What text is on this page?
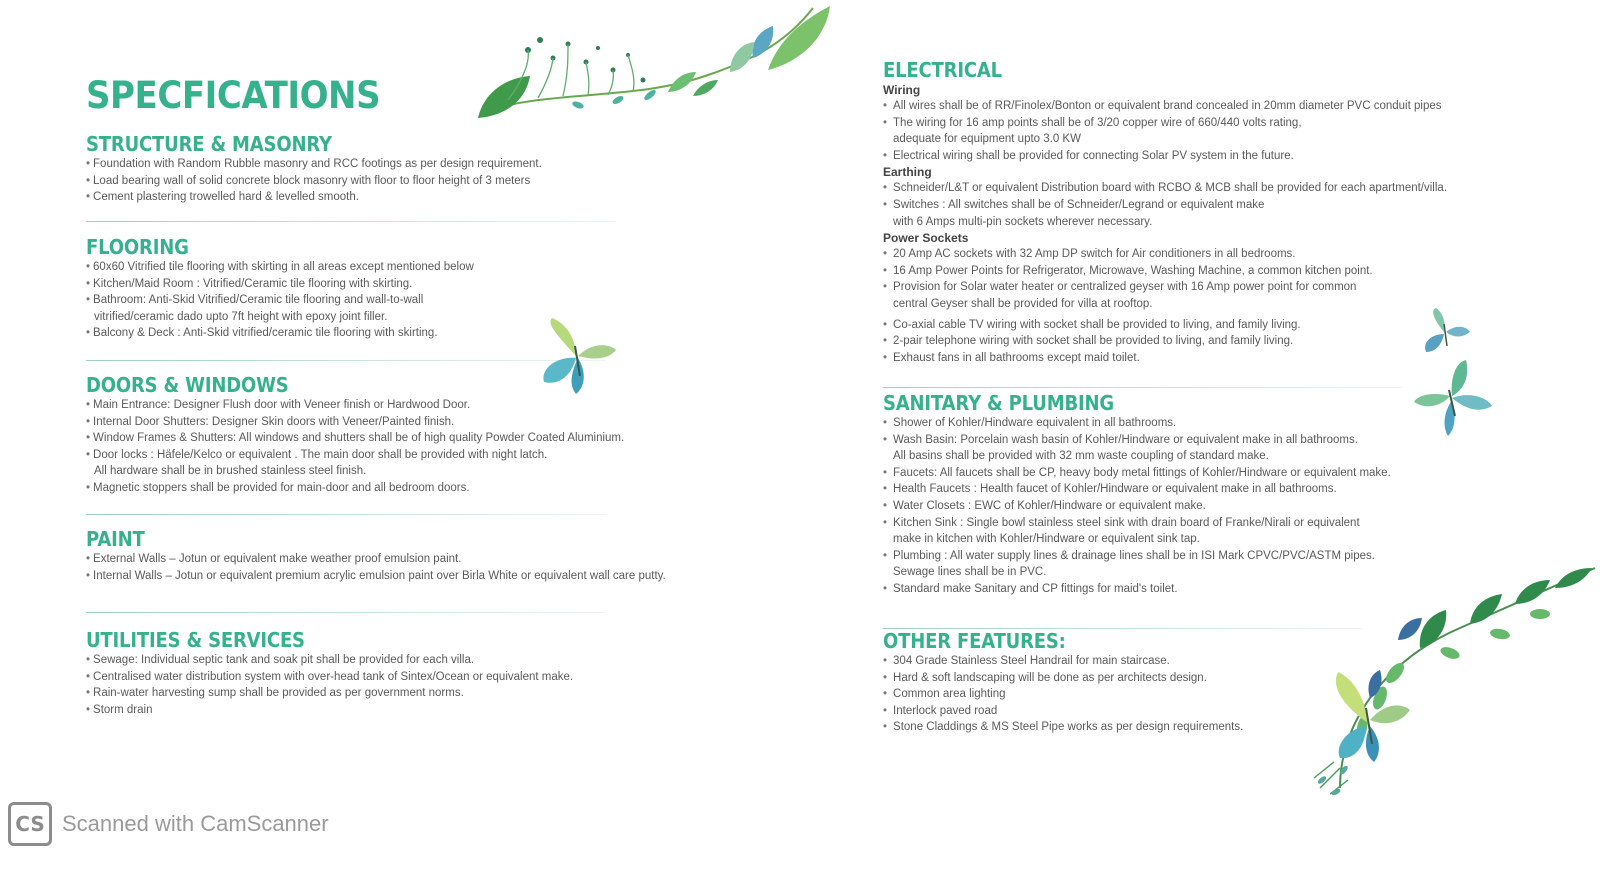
SPECFICATIONS
STRUCTURE & MASONRY
• Foundation with Random Rubble masonry and RCC footings as per design requirement.
• Load bearing wall of solid concrete block masonry with floor to floor height of 3 meters
• Cement plastering trowelled hard & levelled smooth.
FLOORING
• 60x60 Vitrified tile flooring with skirting in all areas except mentioned below
• Kitchen/Maid Room : Vitrified/Ceramic tile flooring with skirting.
• Bathroom: Anti-Skid Vitrified/Ceramic tile flooring and wall-to-wall
vitrified/ceramic dado upto 7ft height with epoxy joint filler.
• Balcony & Deck : Anti-Skid vitrified/ceramic tile flooring with skirting.
DOORS & WINDOWS
• Main Entrance: Designer Flush door with Veneer finish or Hardwood Door.
• Internal Door Shutters: Designer Skin doors with Veneer/Painted finish.
• Window Frames & Shutters: All windows and shutters shall be of high quality Powder Coated Aluminium.
• Door locks : Häfele/Kelco or equivalent . The main door shall be provided with night latch.
All hardware shall be in brushed stainless steel finish.
• Magnetic stoppers shall be provided for main-door and all bedroom doors.
PAINT
• External Walls – Jotun or equivalent make weather proof emulsion paint.
• Internal Walls – Jotun or equivalent premium acrylic emulsion paint over Birla White or equivalent wall care putty.
UTILITIES & SERVICES
• Sewage: Individual septic tank and soak pit shall be provided for each villa.
• Centralised water distribution system with over-head tank of Sintex/Ocean or equivalent make.
• Rain-water harvesting sump shall be provided as per government norms.
• Storm drain
ELECTRICAL
Wiring
• All wires shall be of RR/Finolex/Bonton or equivalent brand concealed in 20mm diameter PVC conduit pipes
• The wiring for 16 amp points shall be of 3/20 copper wire of 660/440 volts rating,
adequate for equipment upto 3.0 KW
• Electrical wiring shall be provided for connecting Solar PV system in the future.
Earthing
• Schneider/L&T or equivalent Distribution board with RCBO & MCB shall be provided for each apartment/villa.
• Switches : All switches shall be of Schneider/Legrand or equivalent make
with 6 Amps multi-pin sockets wherever necessary.
Power Sockets
• 20 Amp AC sockets with 32 Amp DP switch for Air conditioners in all bedrooms.
• 16 Amp Power Points for Refrigerator, Microwave, Washing Machine, a common kitchen point.
• Provision for Solar water heater or centralized geyser with 16 Amp power point for common
central Geyser shall be provided for villa at rooftop.
• Co-axial cable TV wiring with socket shall be provided to living, and family living.
• 2-pair telephone wiring with socket shall be provided to living, and family living.
• Exhaust fans in all bathrooms except maid toilet.
SANITARY & PLUMBING
• Shower of Kohler/Hindware equivalent in all bathrooms.
• Wash Basin: Porcelain wash basin of Kohler/Hindware or equivalent make in all bathrooms.
All basins shall be provided with 32 mm waste coupling of standard make.
• Faucets: All faucets shall be CP, heavy body metal fittings of Kohler/Hindware or equivalent make.
• Health Faucets : Health faucet of Kohler/Hindware or equivalent make in all bathrooms.
• Water Closets : EWC of Kohler/Hindware or equivalent make.
• Kitchen Sink : Single bowl stainless steel sink with drain board of Franke/Nirali or equivalent
make in kitchen with Kohler/Hindware or equivalent sink tap.
• Plumbing : All water supply lines & drainage lines shall be in ISI Mark CPVC/PVC/ASTM pipes.
Sewage lines shall be in PVC.
• Standard make Sanitary and CP fittings for maid's toilet.
OTHER FEATURES:
• 304 Grade Stainless Steel Handrail for main staircase.
• Hard & soft landscaping will be done as per architects design.
• Common area lighting
• Interlock paved road
• Stone Claddings & MS Steel Pipe works as per design requirements.
CS Scanned with CamScanner
